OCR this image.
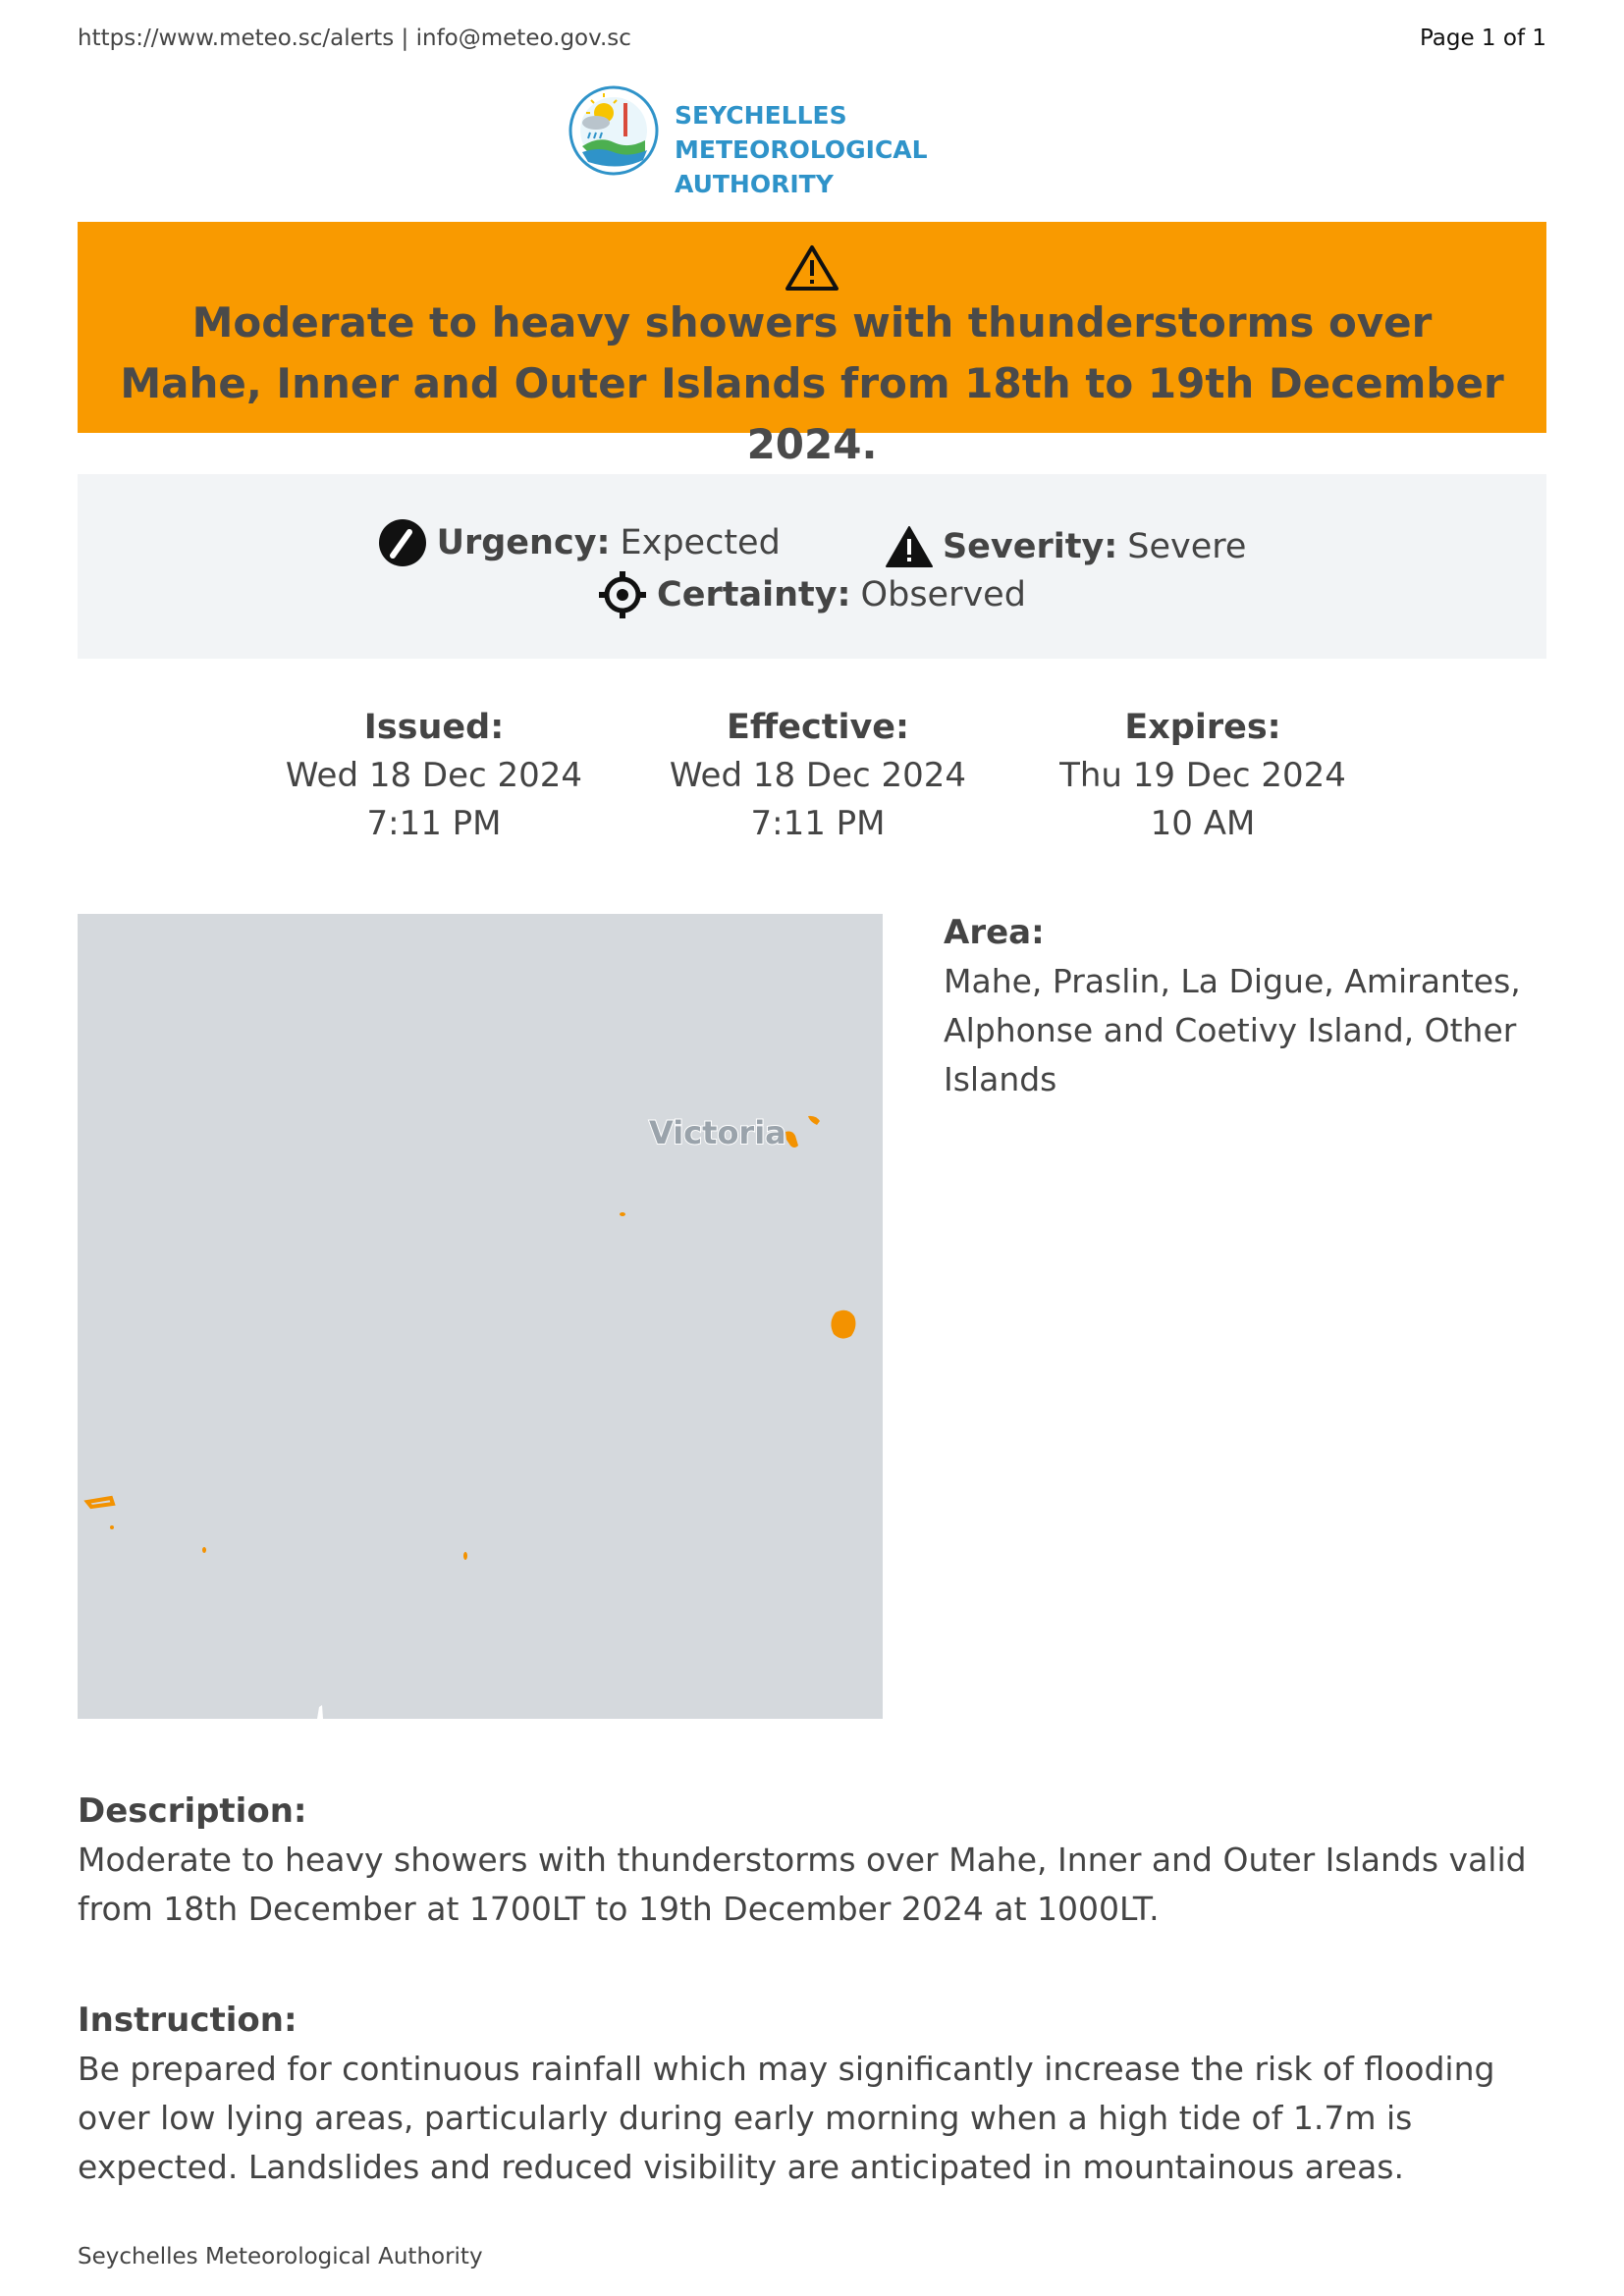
https://www.meteo.sc/alerts | info@meteo.gov.sc	Page 1 of 1
SEYCHELLES METEOROLOGICAL
AUTHORITY
Moderate to heavy showers with thunderstorms over Mahe, Inner and Outer Islands from 18th to 19th December 2024.
Urgency: Expected
	Severity: Severe
Certainty: Observed
Issued:
Wed 18 Dec 2024
7:11 PM
Effective:
Wed 18 Dec 2024
7:11 PM
Expires:
Thu 19 Dec 2024
10 AM
Victoria
Area:
Mahe, Praslin, La Digue, Amirantes, Alphonse and Coetivy Island, Other Islands
Description:
Moderate to heavy showers with thunderstorms over Mahe, Inner and Outer Islands valid from 18th December at 1700LT to 19th December 2024 at 1000LT.
Instruction:
Be prepared for continuous rainfall which may significantly increase the risk of flooding over low lying areas, particularly during early morning when a high tide of 1.7m is expected. Landslides and reduced visibility are anticipated in mountainous areas.
Seychelles Meteorological Authority
